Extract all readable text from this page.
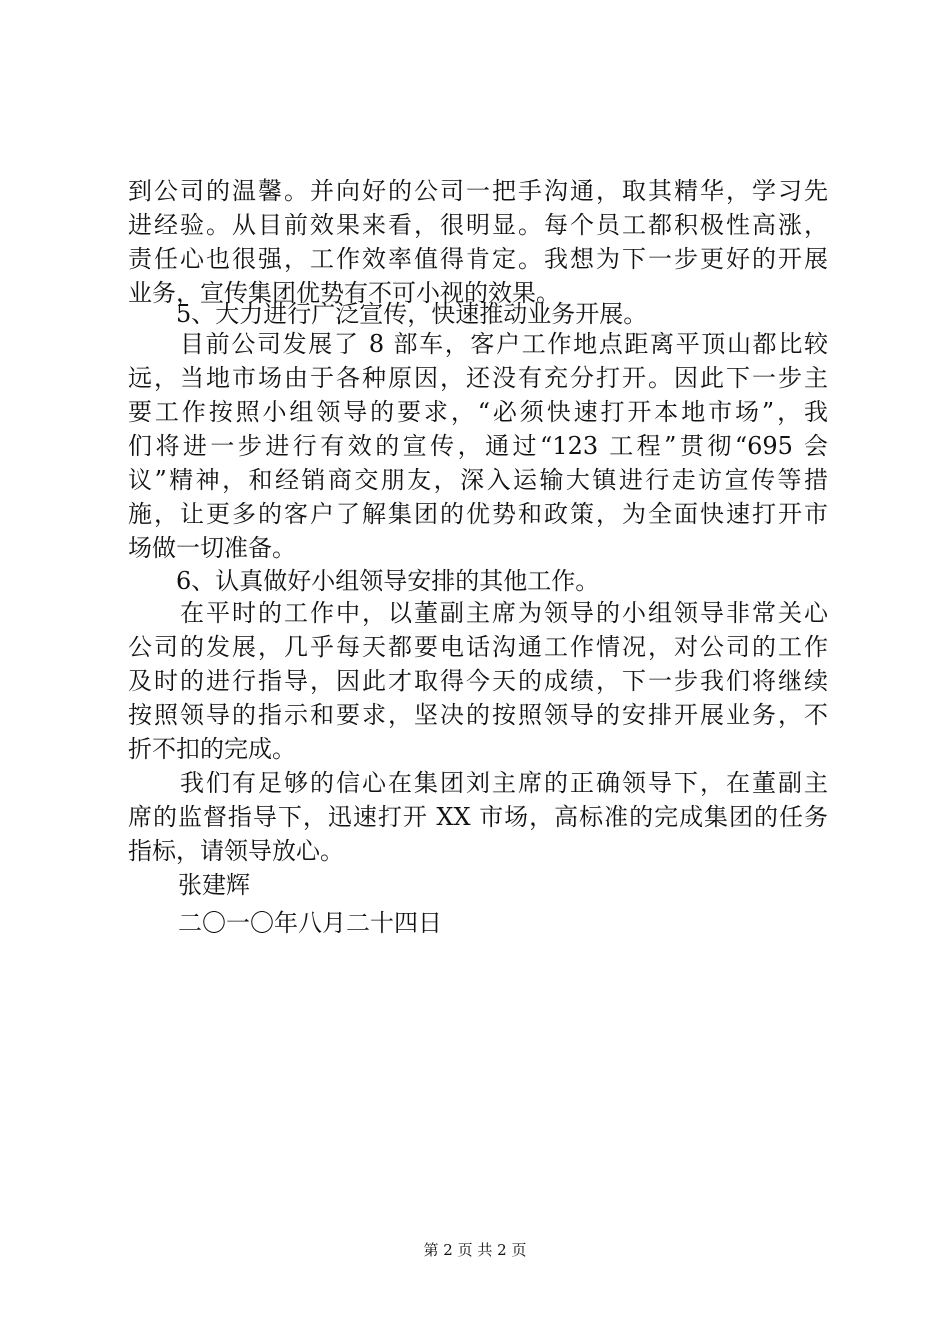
到公司的温馨。并向好的公司一把手沟通，取其精华，学习先
进经验。从目前效果来看，很明显。每个员工都积极性高涨，
责任心也很强，工作效率值得肯定。我想为下一步更好的开展
业务，宣传集团优势有不可小视的效果。
5、大力进行广泛宣传，快速推动业务开展。
目前公司发展了 8 部车，客户工作地点距离平顶山都比较
远，当地市场由于各种原因，还没有充分打开。因此下一步主
要工作按照小组领导的要求，“必须快速打开本地市场”，我
们将进一步进行有效的宣传，通过“123 工程”贯彻“695 会
议”精神，和经销商交朋友，深入运输大镇进行走访宣传等措
施，让更多的客户了解集团的优势和政策，为全面快速打开市
场做一切准备。
6、认真做好小组领导安排的其他工作。
在平时的工作中，以董副主席为领导的小组领导非常关心
公司的发展，几乎每天都要电话沟通工作情况，对公司的工作
及时的进行指导，因此才取得今天的成绩，下一步我们将继续
按照领导的指示和要求，坚决的按照领导的安排开展业务，不
折不扣的完成。
我们有足够的信心在集团刘主席的正确领导下，在董副主
席的监督指导下，迅速打开 XX 市场，高标准的完成集团的任务
指标，请领导放心。
张建辉
二〇一〇年八月二十四日
第 2 页 共 2 页
